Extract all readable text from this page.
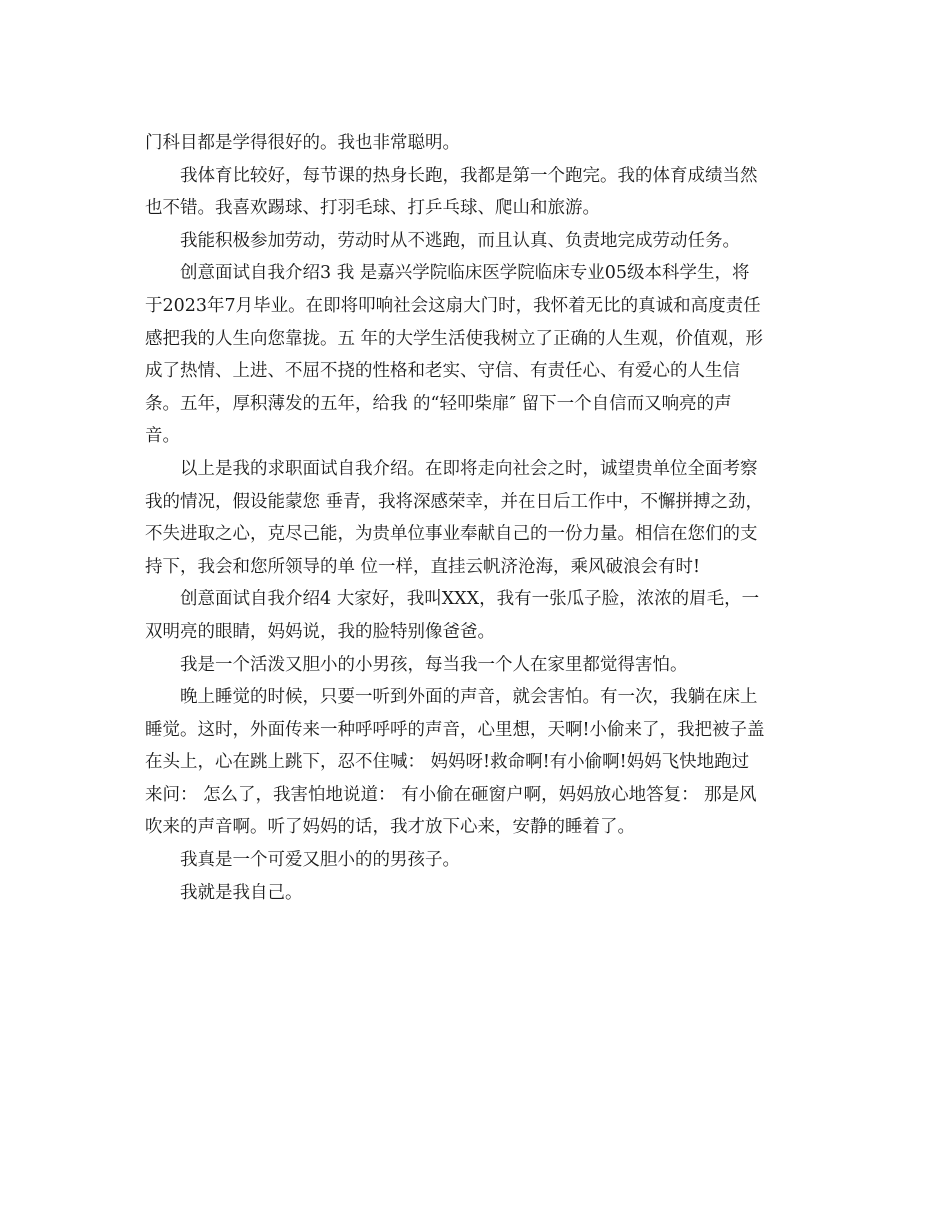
门科目都是学得很好的。我也非常聪明。
我体育比较好，每节课的热身长跑，我都是第一个跑完。我的体育成绩当然
也不错。我喜欢踢球、打羽毛球、打乒乓球、爬山和旅游。
我能积极参加劳动，劳动时从不逃跑，而且认真、负责地完成劳动任务。
创意面试自我介绍3 我 是嘉兴学院临床医学院临床专业05级本科学生，将
于2023年7月毕业。在即将叩响社会这扇大门时，我怀着无比的真诚和高度责任
感把我的人生向您靠拢。五 年的大学生活使我树立了正确的人生观，价值观，形
成了热情、上进、不屈不挠的性格和老实、守信、有责任心、有爱心的人生信
条。五年，厚积薄发的五年，给我 的“轻叩柴扉″ 留下一个自信而又响亮的声
音。
以上是我的求职面试自我介绍。在即将走向社会之时，诚望贵单位全面考察
我的情况，假设能蒙您 垂青，我将深感荣幸，并在日后工作中，不懈拼搏之劲，
不失进取之心，克尽己能，为贵单位事业奉献自己的一份力量。相信在您们的支
持下，我会和您所领导的单 位一样，直挂云帆济沧海，乘风破浪会有时!
创意面试自我介绍4 大家好，我叫XXX，我有一张瓜子脸，浓浓的眉毛，一
双明亮的眼睛，妈妈说，我的脸特别像爸爸。
我是一个活泼又胆小的小男孩，每当我一个人在家里都觉得害怕。
晚上睡觉的时候，只要一听到外面的声音，就会害怕。有一次，我躺在床上
睡觉。这时，外面传来一种呼呼呼的声音，心里想，天啊!小偷来了，我把被子盖
在头上，心在跳上跳下，忍不住喊： 妈妈呀!救命啊!有小偷啊!妈妈飞快地跑过
来问： 怎么了，我害怕地说道： 有小偷在砸窗户啊，妈妈放心地答复： 那是风
吹来的声音啊。听了妈妈的话，我才放下心来，安静的睡着了。
我真是一个可爱又胆小的的男孩子。
我就是我自己。
